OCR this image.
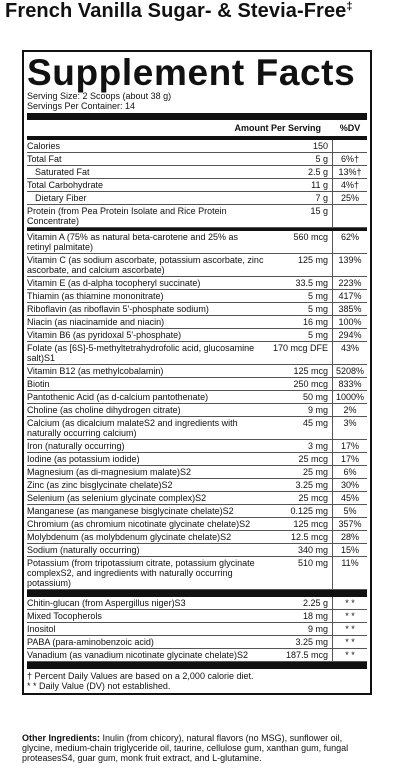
French Vanilla Sugar- & Stevia-Free‡
Supplement Facts
Serving Size: 2 Scoops (about 38 g)
Servings Per Container: 14
Amount Per Serving	%DV
Calories	150
Total Fat	5 g	6%†
Saturated Fat	2.5 g	13%†
Total Carbohydrate	11 g	4%†
Dietary Fiber	7 g	25%
Protein (from Pea Protein Isolate and Rice Protein Concentrate)
15 g
Vitamin A (75% as natural beta-carotene and 25% as retinyl palmitate)
560 mcg	62%
Vitamin C (as sodium ascorbate, potassium ascorbate, zinc ascorbate, and calcium ascorbate)
125 mg	139%
Vitamin E (as d-alpha tocopheryl succinate)	33.5 mg	223%
Thiamin (as thiamine mononitrate)	5 mg	417%
Riboflavin (as riboflavin 5'-phosphate sodium)	5 mg	385%
Niacin (as niacinamide and niacin)	16 mg	100%
Vitamin B6 (as pyridoxal 5'-phosphate)	5 mg	294%
Folate (as [6S]-5-methyltetrahydrofolic acid, glucosamine salt)S1
170 mcg DFE	43%
Vitamin B12 (as methylcobalamin)	125 mcg 5208%
Biotin	250 mcg	833%
Pantothenic Acid (as d-calcium pantothenate)	50 mg 1000%
Choline (as choline dihydrogen citrate)	9 mg	2%
Calcium (as dicalcium malateS2 and ingredients with naturally occurring calcium)
45 mg	3%
Iron (naturally occurring)	3 mg	17%
Iodine (as potassium iodide)	25 mcg	17%
Magnesium (as di-magnesium malate)S2	25 mg	6%
Zinc (as zinc bisglycinate chelate)S2	3.25 mg	30%
Selenium (as selenium glycinate complex)S2	25 mcg	45%
Manganese (as manganese bisglycinate chelate)S2	0.125 mg	5%
Chromium (as chromium nicotinate glycinate chelate)S2	125 mcg	357%
Molybdenum (as molybdenum glycinate chelate)S2	12.5 mcg	28%
Sodium (naturally occurring)	340 mg	15%
Potassium (from tripotassium citrate, potassium glycinate complexS2, and ingredients with naturally occurring potassium)
510 mg	11%
Chitin-glucan (from Aspergillus niger)S3	2.25 g	* *
Mixed Tocopherols	18 mg	* *
Inositol	9 mg	* *
PABA (para-aminobenzoic acid)	3.25 mg	* *
Vanadium (as vanadium nicotinate glycinate chelate)S2	187.5 mcg	* *
† Percent Daily Values are based on a 2,000 calorie diet.
* * Daily Value (DV) not established.
Other Ingredients: Inulin (from chicory), natural flavors (no MSG), sunflower oil, glycine, medium-chain triglyceride oil, taurine, cellulose gum, xanthan gum, fungal proteasesS4, guar gum, monk fruit extract, and L-glutamine.
